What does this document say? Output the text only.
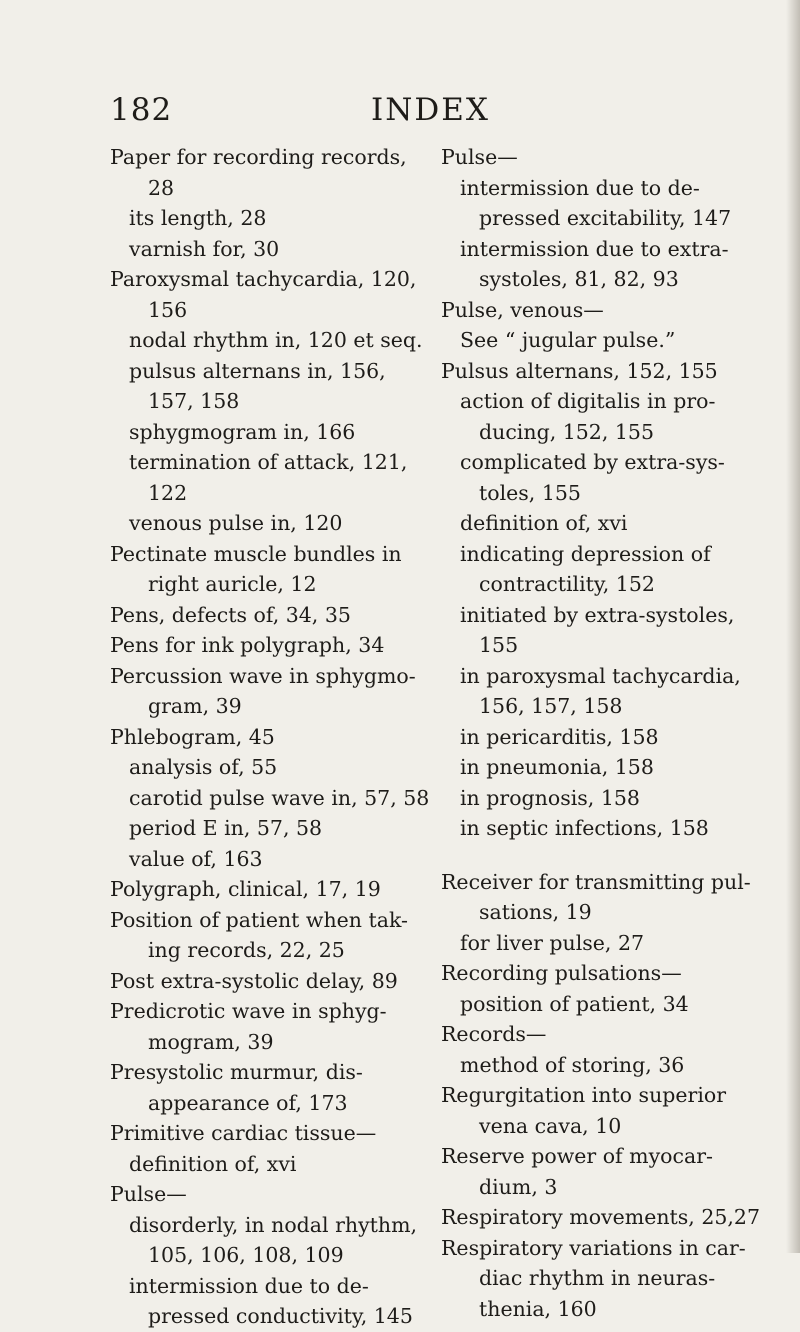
182	INDEX
Paper for recording records,
28
its length, 28
varnish for, 30
Paroxysmal tachycardia, 120,
156
nodal rhythm in, 120 et seq.
pulsus alternans in, 156,
157, 158
sphygmogram in, 166
termination of attack, 121,
122
venous pulse in, 120
Pectinate muscle bundles in
right auricle, 12
Pens, defects of, 34, 35
Pens for ink polygraph, 34
Percussion wave in sphygmo-
gram, 39
Phlebogram, 45
analysis of, 55
carotid pulse wave in, 57, 58
period E in, 57, 58
value of, 163
Polygraph, clinical, 17, 19
Position of patient when tak-
ing records, 22, 25
Post extra-systolic delay, 89
Predicrotic wave in sphyg-
mogram, 39
Presystolic murmur, dis-
appearance of, 173
Primitive cardiac tissue—
definition of, xvi
Pulse—
disorderly, in nodal rhythm,
105, 106, 108, 109
intermission due to de-
pressed conductivity, 145
Pulse—
intermission due to de-
pressed excitability, 147
intermission due to extra-
systoles, 81, 82, 93
Pulse, venous—
See “ jugular pulse.”
Pulsus alternans, 152, 155
action of digitalis in pro-
ducing, 152, 155
complicated by extra-sys-
toles, 155
definition of, xvi
indicating depression of
contractility, 152
initiated by extra-systoles,
155
in paroxysmal tachycardia,
156, 157, 158
in pericarditis, 158
in pneumonia, 158
in prognosis, 158
in septic infections, 158
Receiver for transmitting pul-
sations, 19
for liver pulse, 27
Recording pulsations—
position of patient, 34
Records—
method of storing, 36
Regurgitation into superior
vena cava, 10
Reserve power of myocar-
dium, 3
Respiratory movements, 25,27
Respiratory variations in car-
diac rhythm in neuras-
thenia, 160
